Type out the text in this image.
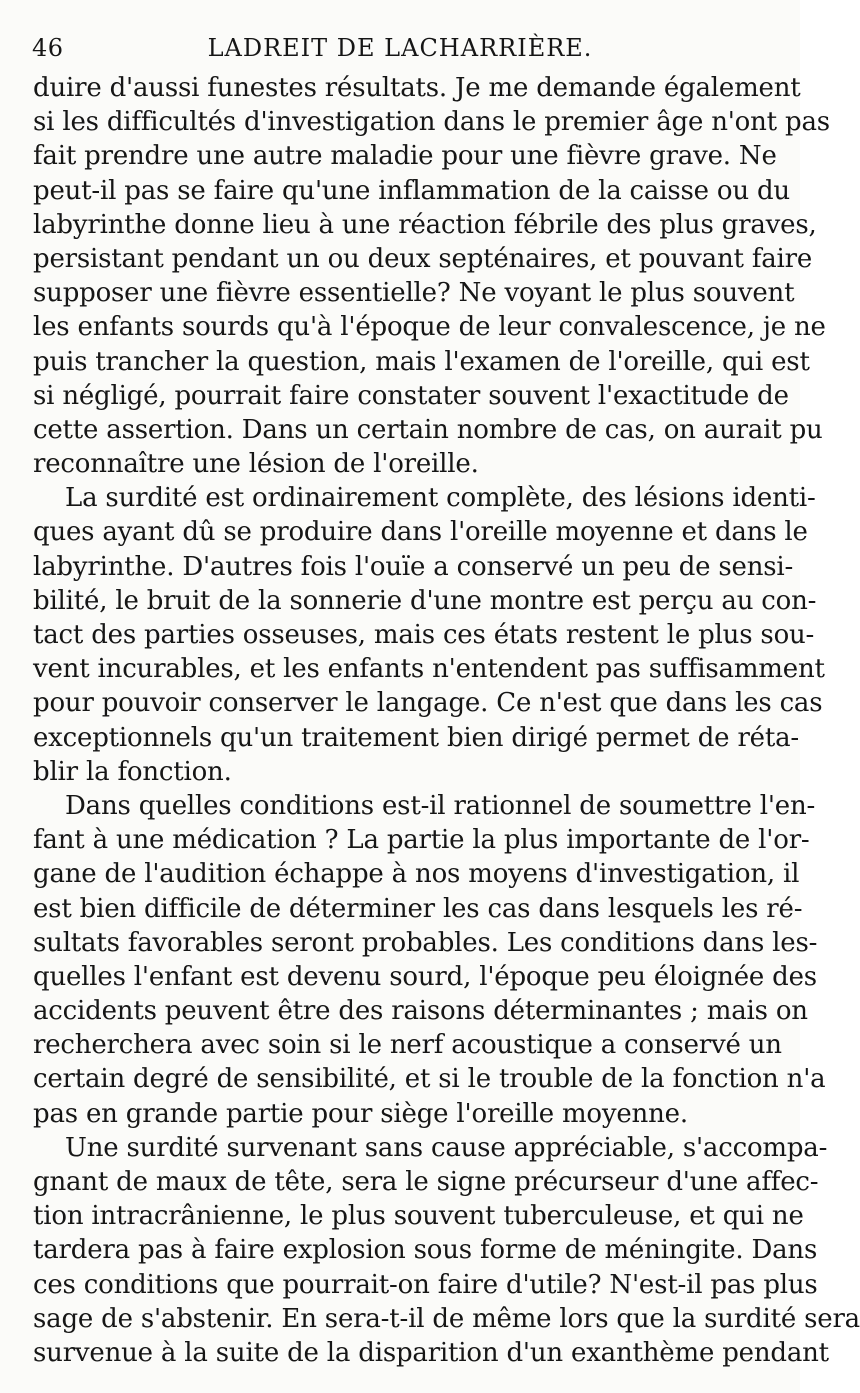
46	LADREIT DE LACHARRIÈRE.
duire d'aussi funestes résultats. Je me demande également
si les difficultés d'investigation dans le premier âge n'ont pas
fait prendre une autre maladie pour une fièvre grave. Ne
peut-il pas se faire qu'une inflammation de la caisse ou du
labyrinthe donne lieu à une réaction fébrile des plus graves,
persistant pendant un ou deux septénaires, et pouvant faire
supposer une fièvre essentielle? Ne voyant le plus souvent
les enfants sourds qu'à l'époque de leur convalescence, je ne
puis trancher la question, mais l'examen de l'oreille, qui est
si négligé, pourrait faire constater souvent l'exactitude de
cette assertion. Dans un certain nombre de cas, on aurait pu
reconnaître une lésion de l'oreille.
La surdité est ordinairement complète, des lésions identi-
ques ayant dû se produire dans l'oreille moyenne et dans le
labyrinthe. D'autres fois l'ouïe a conservé un peu de sensi-
bilité, le bruit de la sonnerie d'une montre est perçu au con-
tact des parties osseuses, mais ces états restent le plus sou-
vent incurables, et les enfants n'entendent pas suffisamment
pour pouvoir conserver le langage. Ce n'est que dans les cas
exceptionnels qu'un traitement bien dirigé permet de réta-
blir la fonction.
Dans quelles conditions est-il rationnel de soumettre l'en-
fant à une médication ? La partie la plus importante de l'or-
gane de l'audition échappe à nos moyens d'investigation, il
est bien difficile de déterminer les cas dans lesquels les ré-
sultats favorables seront probables. Les conditions dans les-
quelles l'enfant est devenu sourd, l'époque peu éloignée des
accidents peuvent être des raisons déterminantes ; mais on
recherchera avec soin si le nerf acoustique a conservé un
certain degré de sensibilité, et si le trouble de la fonction n'a
pas en grande partie pour siège l'oreille moyenne.
Une surdité survenant sans cause appréciable, s'accompa-
gnant de maux de tête, sera le signe précurseur d'une affec-
tion intracrânienne, le plus souvent tuberculeuse, et qui ne
tardera pas à faire explosion sous forme de méningite. Dans
ces conditions que pourrait-on faire d'utile? N'est-il pas plus
sage de s'abstenir. En sera-t-il de même lors que la surdité sera
survenue à la suite de la disparition d'un exanthème pendant
